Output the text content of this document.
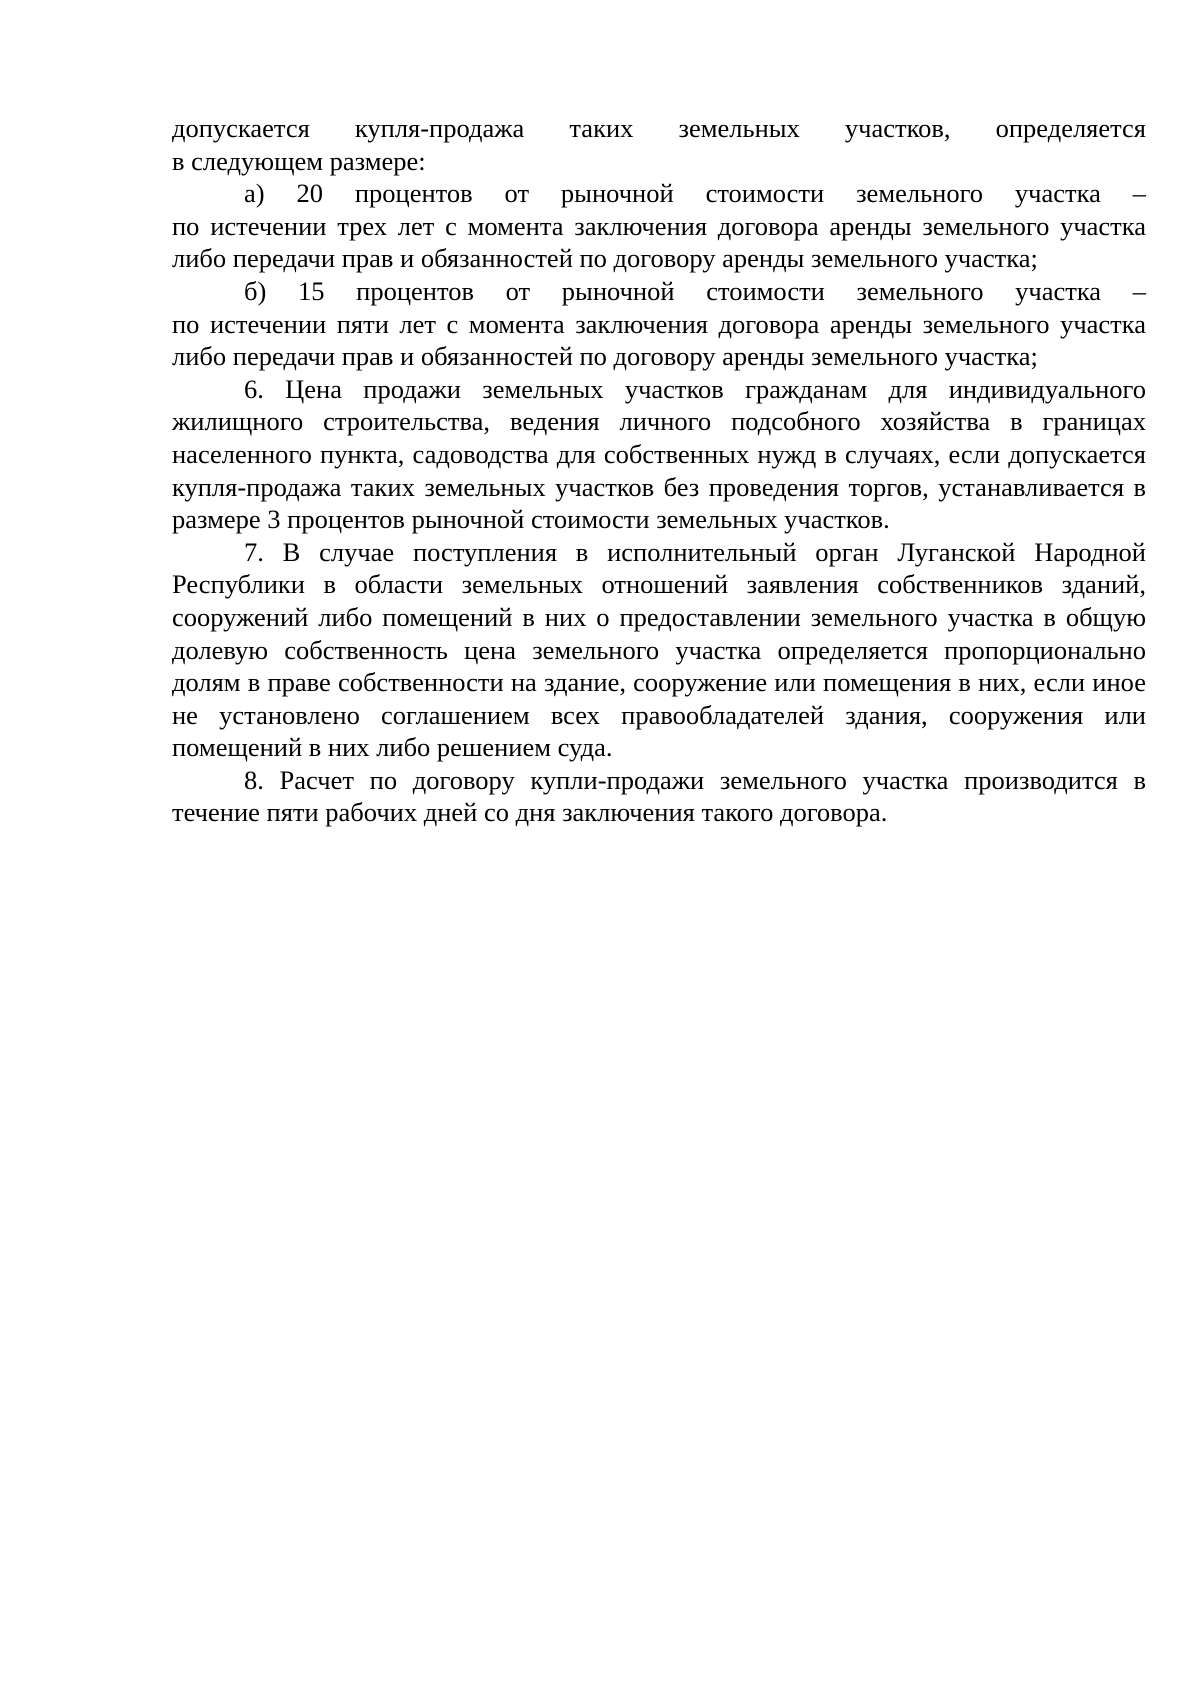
допускается купля-продажа таких земельных участков, определяется
в следующем размере:

а) 20 процентов от рыночной стоимости земельного участка –
по истечении трех лет с момента заключения договора аренды земельного участка либо передачи прав и обязанностей по договору аренды земельного участка;

б) 15 процентов от рыночной стоимости земельного участка –
по истечении пяти лет с момента заключения договора аренды земельного участка либо передачи прав и обязанностей по договору аренды земельного участка;

6. Цена продажи земельных участков гражданам для индивидуального жилищного строительства, ведения личного подсобного хозяйства в границах населенного пункта, садоводства для собственных нужд в случаях, если допускается купля-продажа таких земельных участков без проведения торгов, устанавливается в размере 3 процентов рыночной стоимости земельных участков.

7. В случае поступления в исполнительный орган Луганской Народной Республики в области земельных отношений заявления собственников зданий, сооружений либо помещений в них о предоставлении земельного участка в общую долевую собственность цена земельного участка определяется пропорционально долям в праве собственности на здание, сооружение или помещения в них, если иное не установлено соглашением всех правообладателей здания, сооружения или помещений в них либо решением суда.

8. Расчет по договору купли-продажи земельного участка производится в течение пяти рабочих дней со дня заключения такого договора.
